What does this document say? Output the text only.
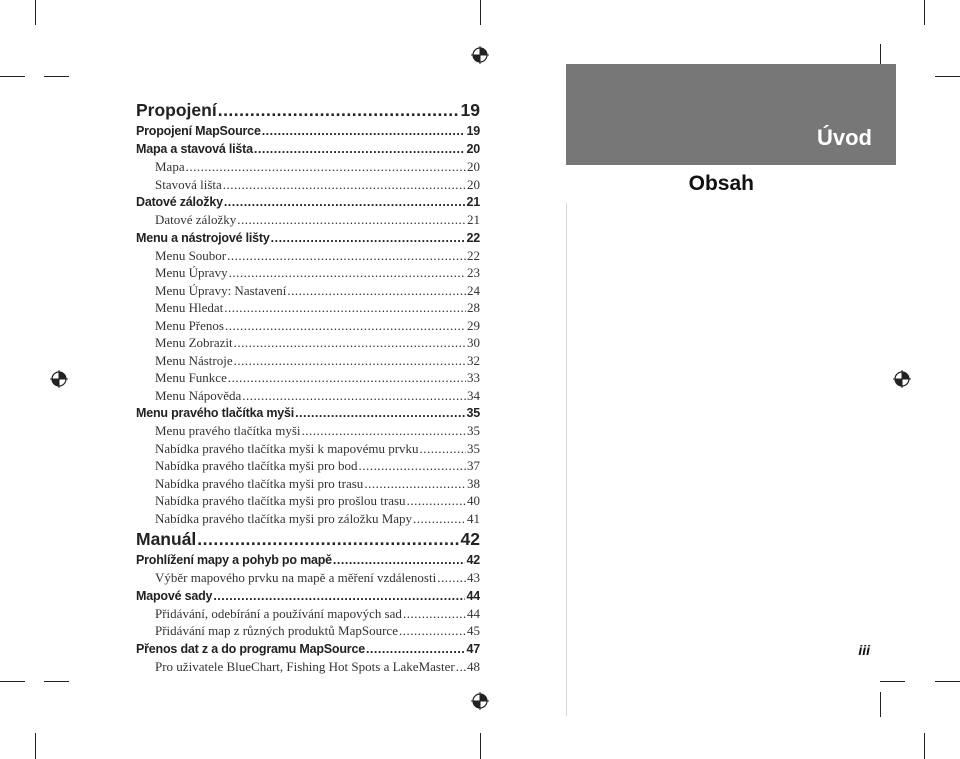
Propojení .....	19
Propojení MapSource .....	19
Mapa a stavová lišta .....	20
Mapa .....	20
Stavová lišta .....	20
Datové záložky .....	21
Datové záložky .....	21
Menu a nástrojové lišty .....	22
Menu Soubor .....	22
Menu Úpravy .....	23
Menu Úpravy: Nastavení .....	24
Menu Hledat .....	28
Menu Přenos .....	29
Menu Zobrazit .....	30
Menu Nástroje .....	32
Menu Funkce .....	33
Menu Nápověda .....	34
Menu pravého tlačítka myši .....	35
Menu pravého tlačítka myši .....	35
Nabídka pravého tlačítka myši k mapovému prvku .....	35
Nabídka pravého tlačítka myši pro bod .....	37
Nabídka pravého tlačítka myši pro trasu .....	38
Nabídka pravého tlačítka myši pro prošlou trasu .....	40
Nabídka pravého tlačítka myši pro záložku Mapy .....	41
Manuál .....	42
Prohlížení mapy a pohyb po mapě .....	42
Výběr mapového prvku na mapě a měření vzdálenosti ..... 43
Mapové sady .....	44
Přidávání, odebírání a používání mapových sad .....	44
Přidávání map z různých produktů MapSource .....	45
Přenos dat z a do programu MapSource .....	47
Pro uživatele BlueChart, Fishing Hot Spots a LakeMaster ..... 48
Úvod
Obsah
iii
